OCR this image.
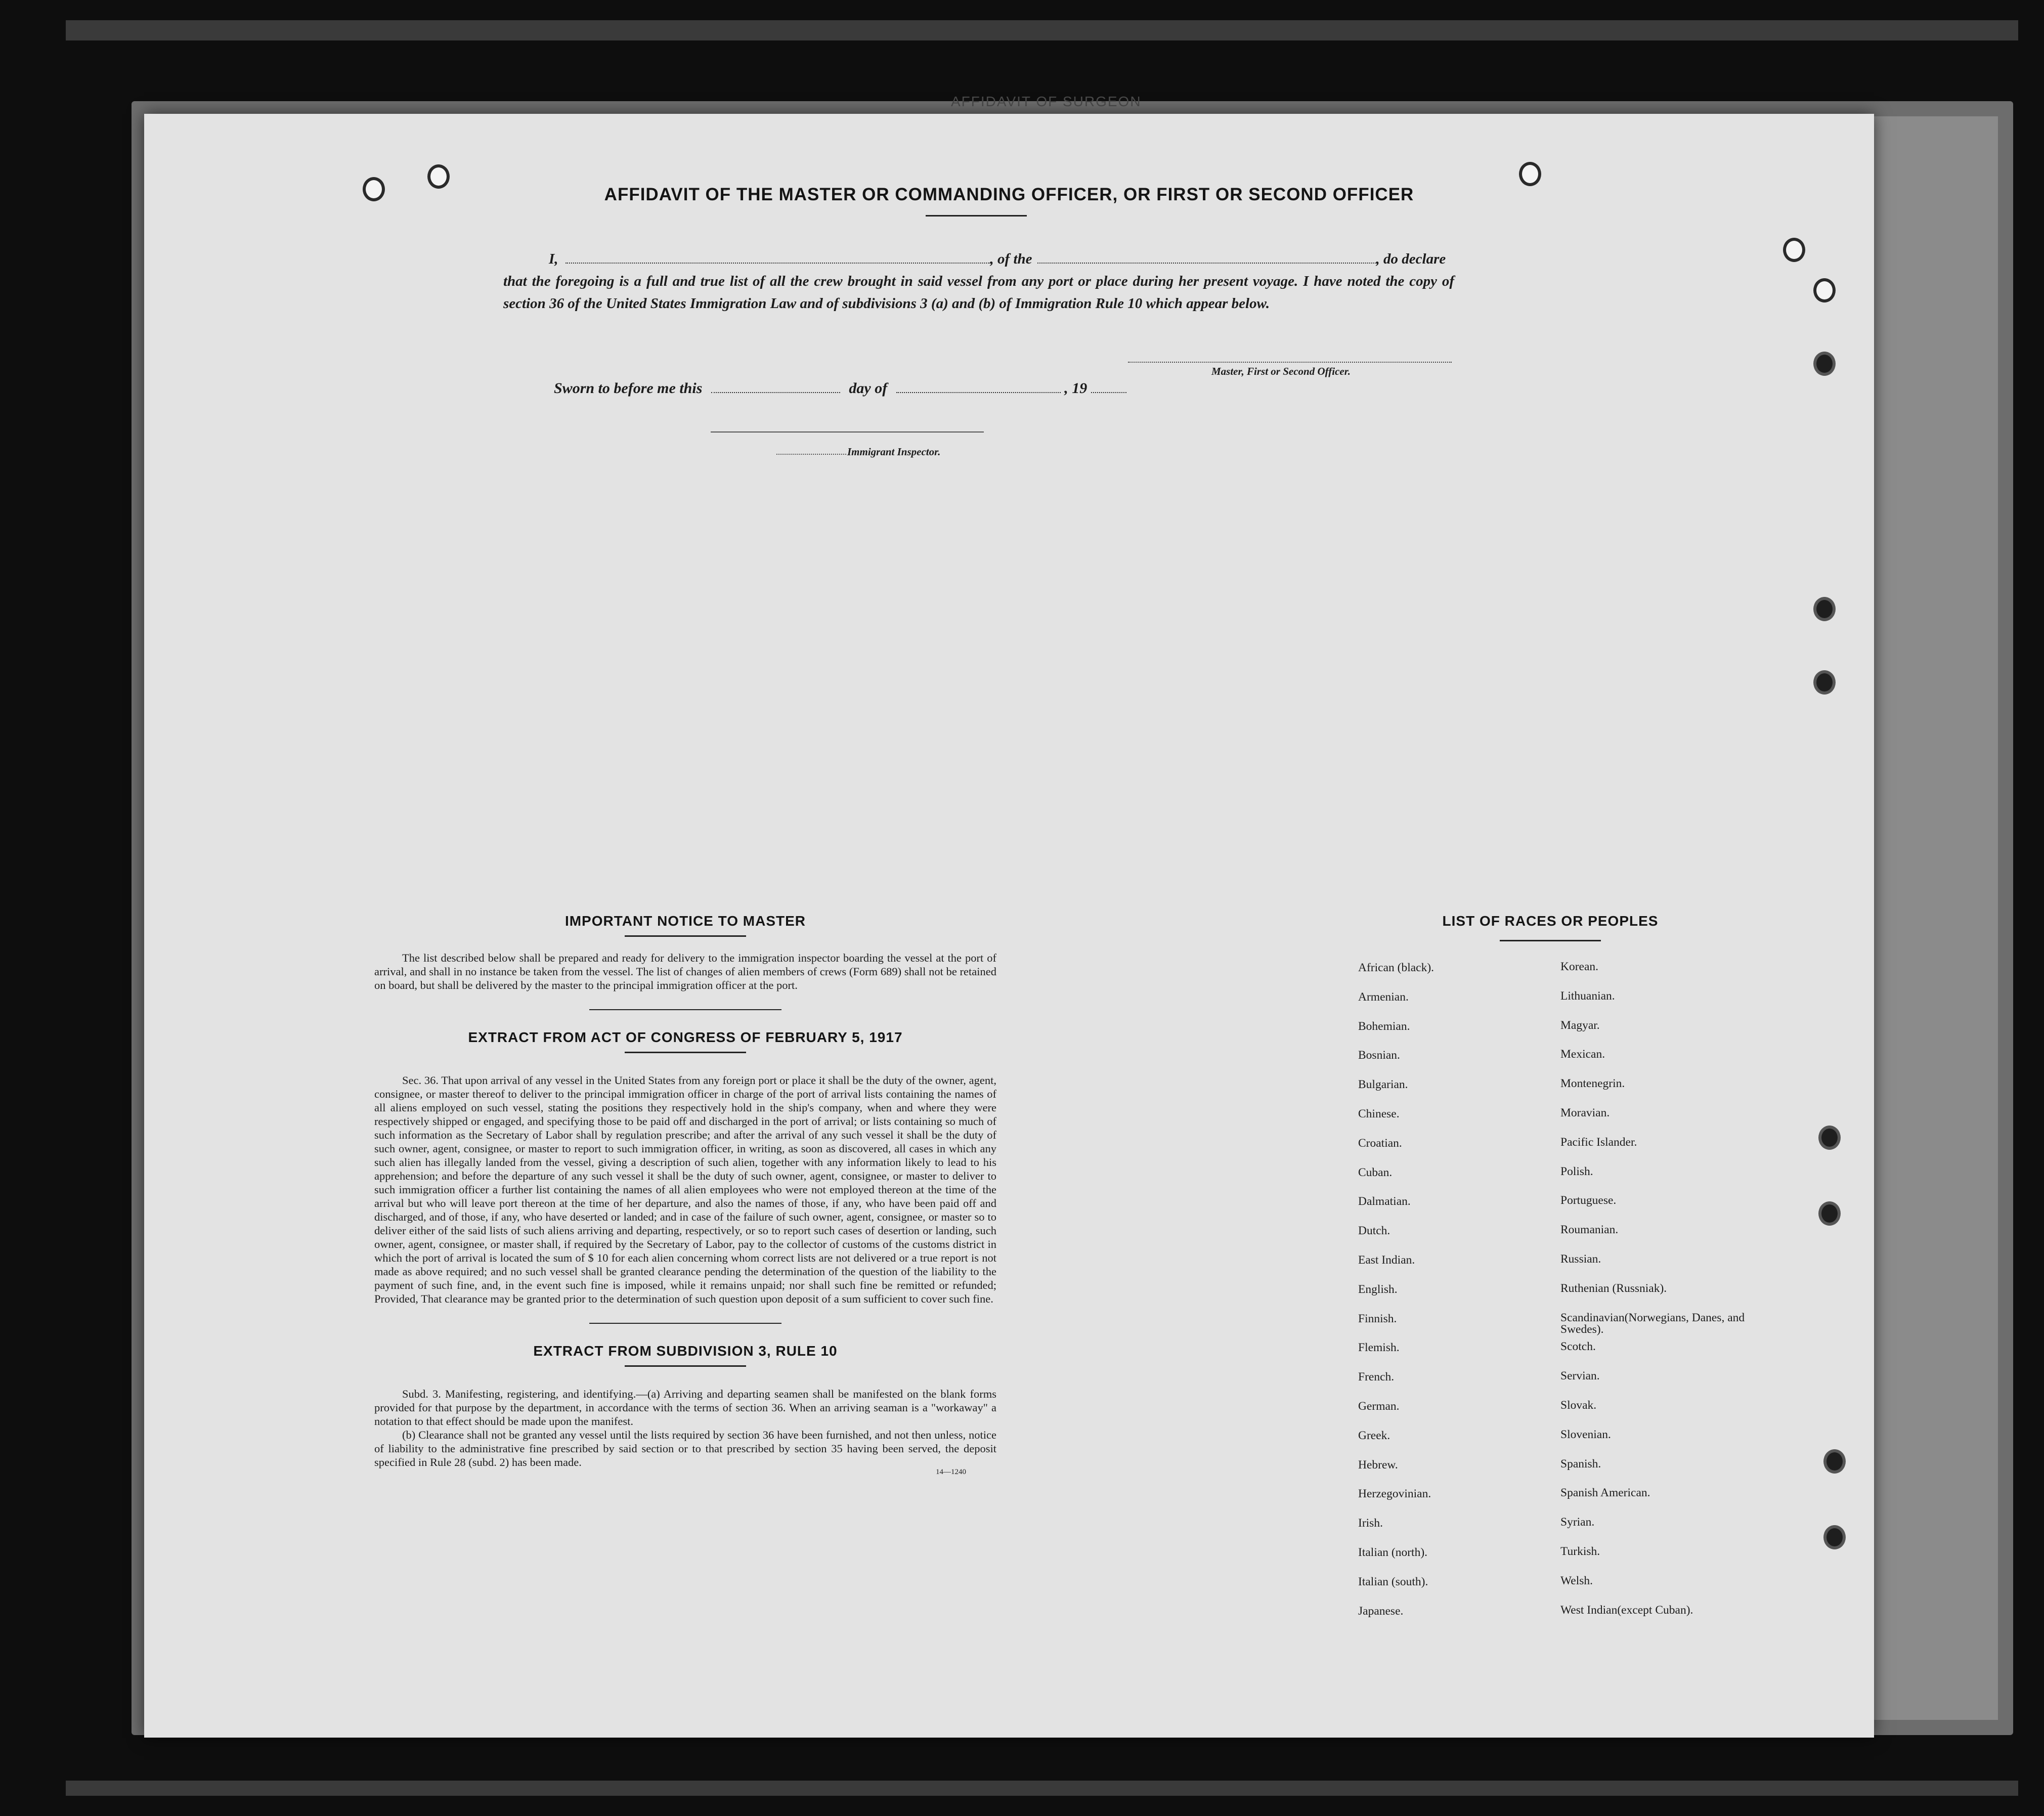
AFFIDAVIT OF SURGEON
AFFIDAVIT OF THE MASTER OR COMMANDING OFFICER, OR FIRST OR SECOND OFFICER
I,	, of the	, do declare
that the foregoing is a full and true list of all the crew brought in said vessel from any port or place during her present voyage. I have noted the copy of section 36 of the United States Immigration Law and of subdivisions 3 (a) and (b) of Immigration Rule 10 which appear below.
Master, First or Second Officer.
Sworn to before me this	day of	, 19
Immigrant Inspector.
IMPORTANT NOTICE TO MASTER

The list described below shall be prepared and ready for delivery to the immigration inspector boarding the vessel at the port of arrival, and shall in no instance be taken from the vessel. The list of changes of alien members of crews (Form 689) shall not be retained on board, but shall be delivered by the master to the principal immigration officer at the port.

EXTRACT FROM ACT OF CONGRESS OF FEBRUARY 5, 1917

Sec. 36. That upon arrival of any vessel in the United States from any foreign port or place it shall be the duty of the owner, agent, consignee, or master thereof to deliver to the principal immigration officer in charge of the port of arrival lists containing the names of all aliens employed on such vessel, stating the positions they respectively hold in the ship's company, when and where they were respectively shipped or engaged, and specifying those to be paid off and discharged in the port of arrival; or lists containing so much of such information as the Secretary of Labor shall by regulation prescribe; and after the arrival of any such vessel it shall be the duty of such owner, agent, consignee, or master to report to such immigration officer, in writing, as soon as discovered, all cases in which any such alien has illegally landed from the vessel, giving a description of such alien, together with any information likely to lead to his apprehension; and before the departure of any such vessel it shall be the duty of such owner, agent, consignee, or master to deliver to such immigration officer a further list containing the names of all alien employees who were not employed thereon at the time of the arrival but who will leave port thereon at the time of her departure, and also the names of those, if any, who have been paid off and discharged, and of those, if any, who have deserted or landed; and in case of the failure of such owner, agent, consignee, or master so to deliver either of the said lists of such aliens arriving and departing, respectively, or so to report such cases of desertion or landing, such owner, agent, consignee, or master shall, if required by the Secretary of Labor, pay to the collector of customs of the customs district in which the port of arrival is located the sum of $ 10 for each alien concerning whom correct lists are not delivered or a true report is not made as above required; and no such vessel shall be granted clearance pending the determination of the question of the liability to the payment of such fine, and, in the event such fine is imposed, while it remains unpaid; nor shall such fine be remitted or refunded; Provided, That clearance may be granted prior to the determination of such question upon deposit of a sum sufficient to cover such fine.

EXTRACT FROM SUBDIVISION 3, RULE 10

Subd. 3. Manifesting, registering, and identifying.—(a) Arriving and departing seamen shall be manifested on the blank forms provided for that purpose by the department, in accordance with the terms of section 36. When an arriving seaman is a "workaway" a notation to that effect should be made upon the manifest.

(b) Clearance shall not be granted any vessel until the lists required by section 36 have been furnished, and not then unless, notice of liability to the administrative fine prescribed by said section or to that prescribed by section 35 having been served, the deposit specified in Rule 28 (subd. 2) has been made.

14—1240
LIST OF RACES OR PEOPLES
African (black).	Korean.
Armenian.	Lithuanian.
Bohemian.	Magyar.
Bosnian.	Mexican.
Bulgarian.	Montenegrin.
Chinese.	Moravian.
Croatian.	Pacific Islander.
Cuban.	Polish.
Dalmatian.	Portuguese.
Dutch.	Roumanian.
East Indian.	Russian.
English.	Ruthenian (Russniak).
Finnish.	Scandinavian(Norwegians, Danes, and Swedes).
Flemish.	Scotch.
French.	Servian.
German.	Slovak.
Greek.	Slovenian.
Hebrew.	Spanish.
Herzegovinian.	Spanish American.
Irish.	Syrian.
Italian (north).	Turkish.
Italian (south).	Welsh.
Japanese.	West Indian(except Cuban).
